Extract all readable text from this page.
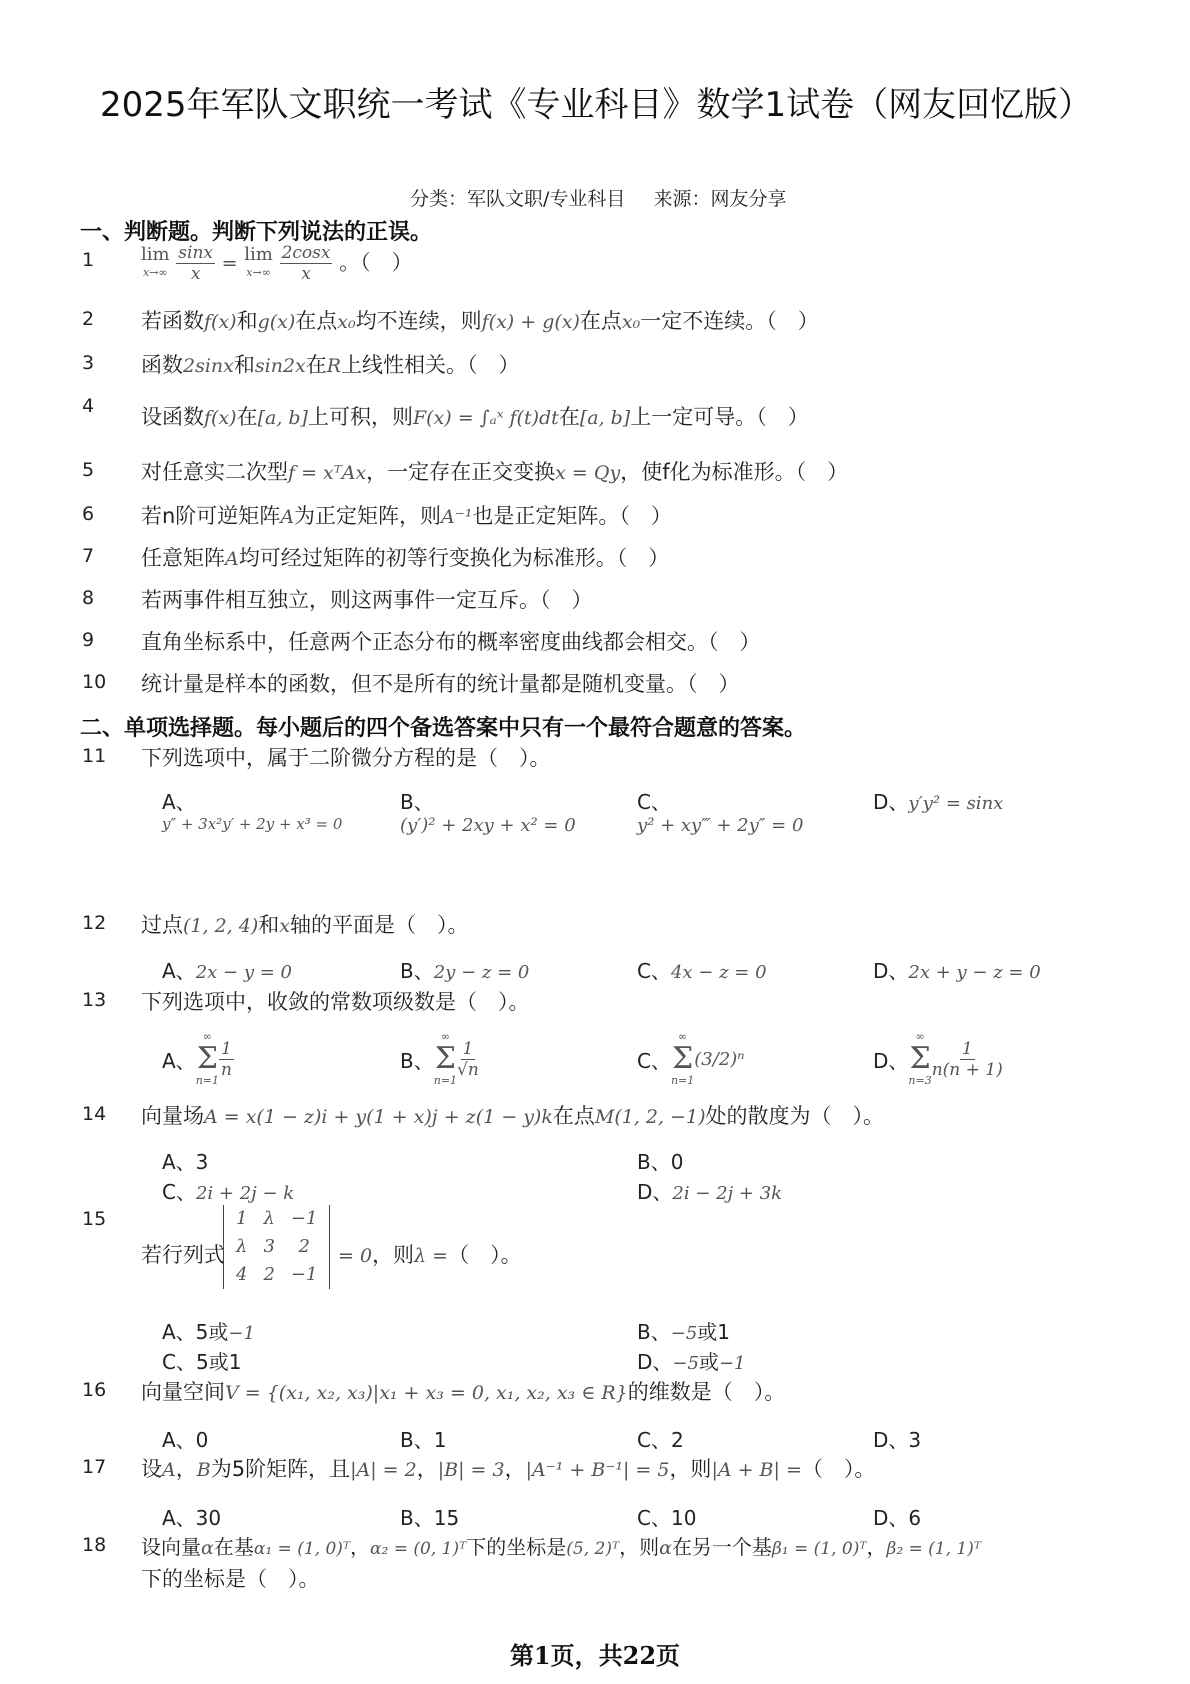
2025年军队文职统一考试《专业科目》数学1试卷（网友回忆版）
分类：军队文职/专业科目 来源：网友分享
一、判断题。判断下列说法的正误。
1	lim
x→∞
$\frac{\sin x}{x} = \lim$
x→∞
$\frac{2\cos x}{x}$ 。（　）
2 若函数f(x)和g(x)在点x₀均不连续，则f(x) + g(x)在点x₀一定不连续。（　）
3 函数2sinx和sin2x在R上线性相关。（　）
4 设函数f(x)在[a, b]上可积，则F(x) = ∫ₐˣ f(t)dt在[a, b]上一定可导。（　）
5 对任意实二次型f = xᵀAx，一定存在正交变换x = Qy，使f化为标准形。（　）
6 若n阶可逆矩阵A为正定矩阵，则A⁻¹也是正定矩阵。（　）
7 任意矩阵A均可经过矩阵的初等行变换化为标准形。（　）
8 若两事件相互独立，则这两事件一定互斥。（　）
9 直角坐标系中，任意两个正态分布的概率密度曲线都会相交。（　）
10 统计量是样本的函数，但不是所有的统计量都是随机变量。（　）
二、单项选择题。每小题后的四个备选答案中只有一个最符合题意的答案。
11 下列选项中，属于二阶微分方程的是（　）。
A、
y″ + 3x²y′ + 2y + x³ = 0
B、
(y′)² + 2xy + x² = 0
C、
y² + xy‴ + 2y″ = 0
D、y′y² = sinx
12 过点(1, 2, 4)和x轴的平面是（　）。
A、2x − y = 0	B、2y − z = 0	C、4x − z = 0	D、2x + y − z = 0
13 下列选项中，收敛的常数项级数是（　）。
A、
∞
Σ
n=1
$\frac{1}{n}$	B、
∞
Σ
n=1
$\frac{1}{√n}$	C、
∞
Σ
n=1
(3/2)ⁿ	D、
∞
Σ
n=3
$\frac{1}{n(n + 1)}$
14 向量场A = x(1 − z)i + y(1 + x)j + z(1 − y)k在点M(1, 2, −1)处的散度为（　）。
A、3	B、0
C、2i + 2j − k	D、2i − 2j + 3k
15
若行列式
1	λ	−1
λ	3	2
4	2	−1
= 0，则λ =（　）。
A、5或−1	B、−5或1
C、5或1	D、−5或−1
16 向量空间V = {(x₁, x₂, x₃)|x₁ + x₃ = 0, x₁, x₂, x₃ ∈ R}的维数是（　）。
A、0	B、1	C、2	D、3
17 设A，B为5阶矩阵，且|A| = 2，|B| = 3，|A⁻¹ + B⁻¹| = 5，则|A + B| =（　）。
A、30	B、15	C、10	D、6
18 设向量α在基α₁ = (1, 0)ᵀ，α₂ = (0, 1)ᵀ下的坐标是(5, 2)ᵀ，则α在另一个基β₁ = (1, 0)ᵀ，β₂ = (1, 1)ᵀ
下的坐标是（　）。
第1页，共22页
